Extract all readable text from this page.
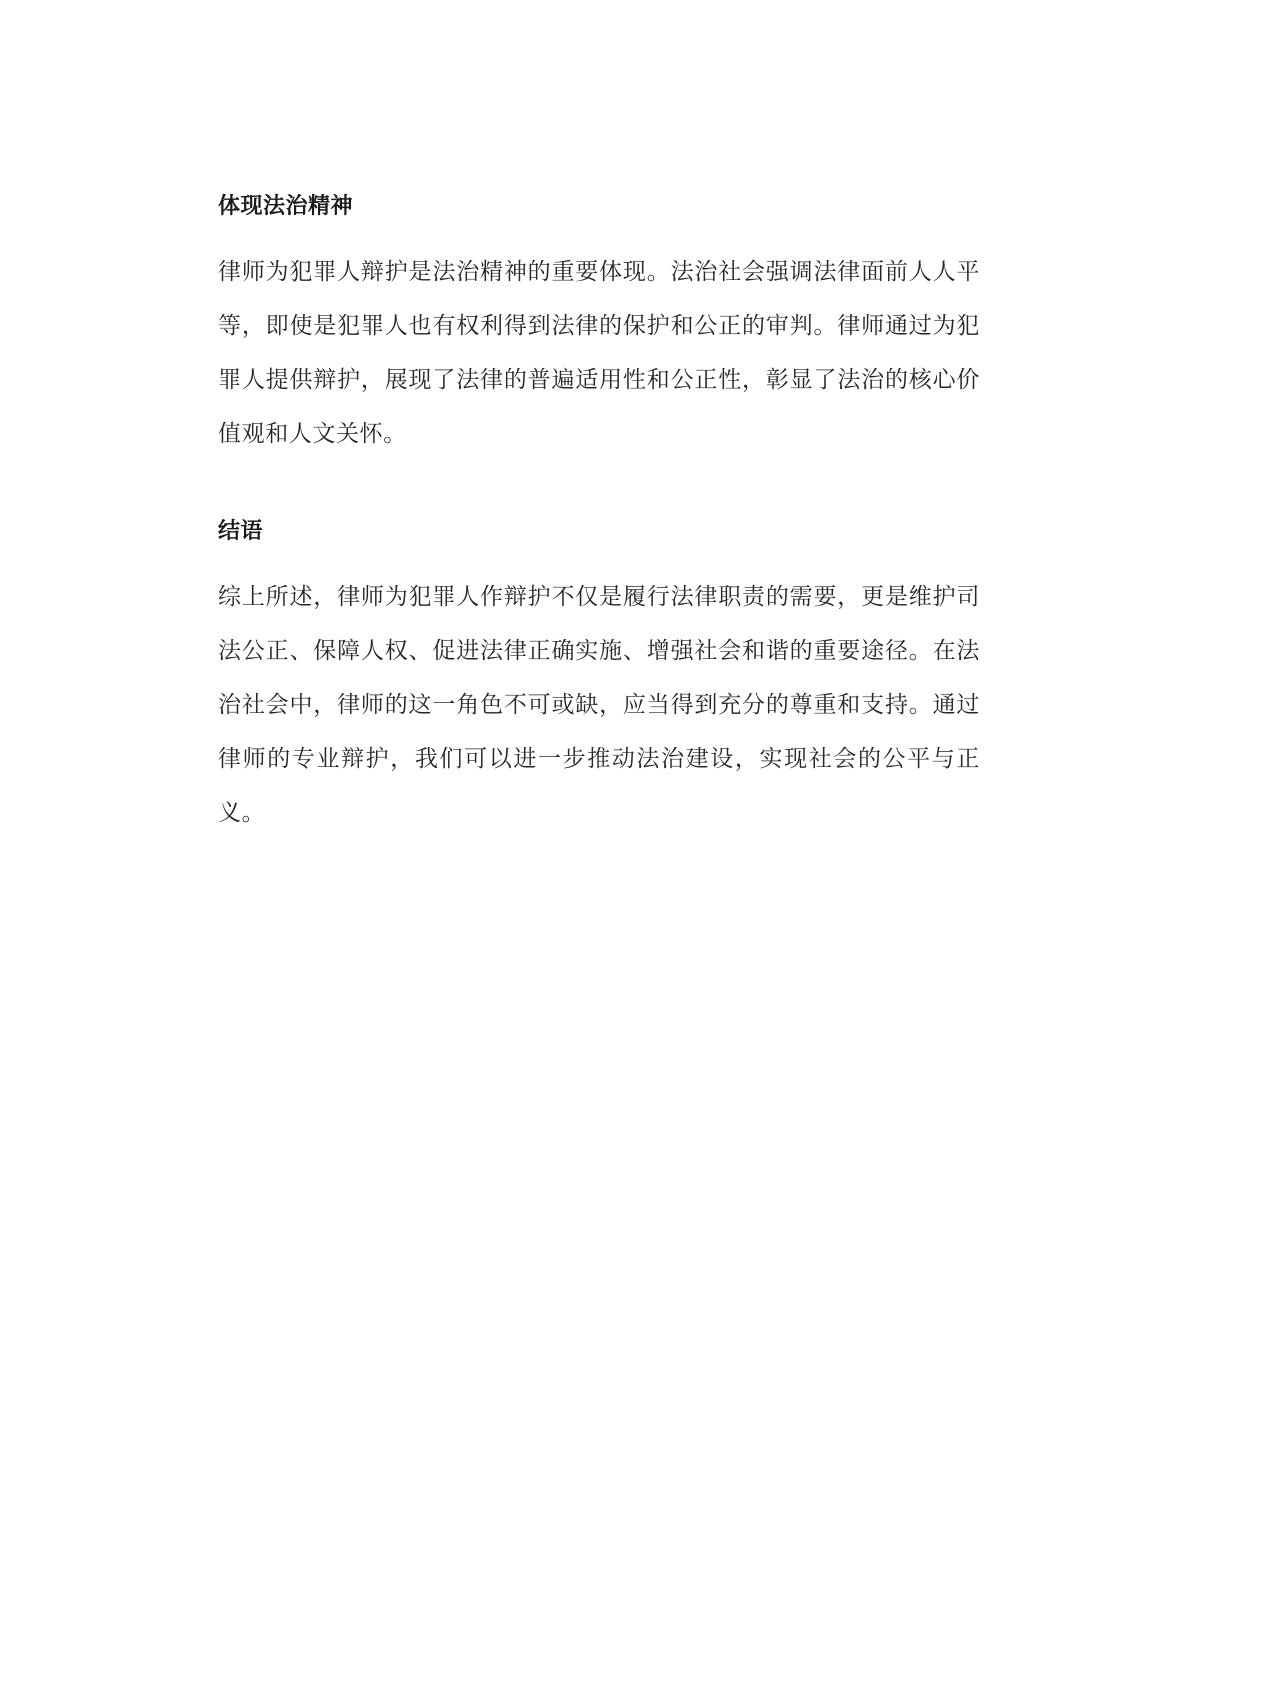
体现法治精神

律师为犯罪人辩护是法治精神的重要体现。法治社会强调法律面前人人平等，即使是犯罪人也有权利得到法律的保护和公正的审判。律师通过为犯罪人提供辩护，展现了法律的普遍适用性和公正性，彰显了法治的核心价值观和人文关怀。

结语

综上所述，律师为犯罪人作辩护不仅是履行法律职责的需要，更是维护司法公正、保障人权、促进法律正确实施、增强社会和谐的重要途径。在法治社会中，律师的这一角色不可或缺，应当得到充分的尊重和支持。通过律师的专业辩护，我们可以进一步推动法治建设，实现社会的公平与正义。
